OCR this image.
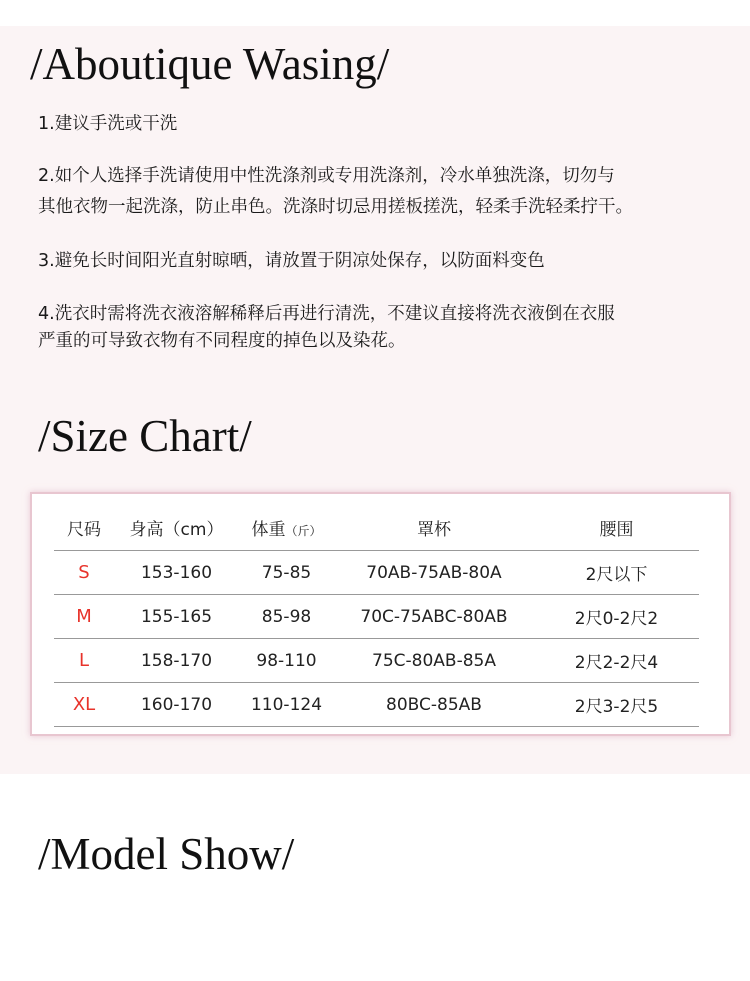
/Aboutique Wasing/
1.建议手洗或干洗
2.如个人选择手洗请使用中性洗涤剂或专用洗涤剂，冷水单独洗涤，切勿与
其他衣物一起洗涤，防止串色。洗涤时切忌用搓板搓洗，轻柔手洗轻柔拧干。
3.避免长时间阳光直射晾晒，请放置于阴凉处保存，以防面料变色
4.洗衣时需将洗衣液溶解稀释后再进行清洗，不建议直接将洗衣液倒在衣服
严重的可导致衣物有不同程度的掉色以及染花。
/Size Chart/
尺码	身高（cm）	体重（斤）	罩杯	腰围
S	153-160	75-85	70AB-75AB-80A	2尺以下
M	155-165	85-98	70C-75ABC-80AB	2尺0-2尺2
L	158-170	98-110	75C-80AB-85A	2尺2-2尺4
XL	160-170	110-124	80BC-85AB	2尺3-2尺5
/Model Show/
